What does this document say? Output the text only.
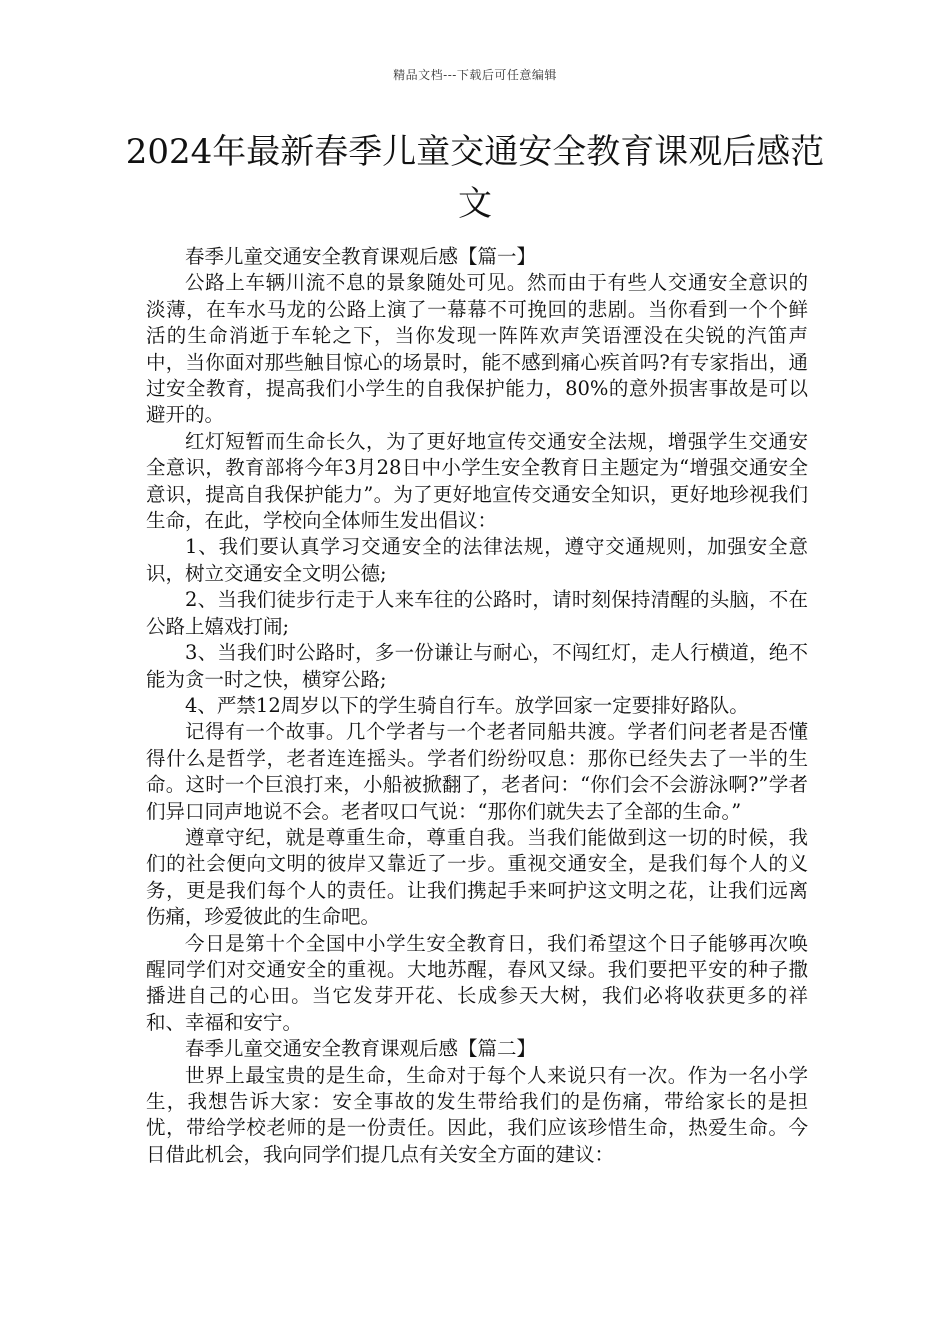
精品文档---下载后可任意编辑
2024年最新春季儿童交通安全教育课观后感范文

春季儿童交通安全教育课观后感【篇一】

公路上车辆川流不息的景象随处可见。然而由于有些人交通安全意识的淡薄，在车水马龙的公路上演了一幕幕不可挽回的悲剧。当你看到一个个鲜活的生命消逝于车轮之下，当你发现一阵阵欢声笑语湮没在尖锐的汽笛声中，当你面对那些触目惊心的场景时，能不感到痛心疾首吗?有专家指出，通过安全教育，提高我们小学生的自我保护能力，80%的意外损害事故是可以避开的。

红灯短暂而生命长久，为了更好地宣传交通安全法规，增强学生交通安全意识，教育部将今年3月28日中小学生安全教育日主题定为“增强交通安全意识，提高自我保护能力”。为了更好地宣传交通安全知识，更好地珍视我们生命，在此，学校向全体师生发出倡议：

1、我们要认真学习交通安全的法律法规，遵守交通规则，加强安全意识，树立交通安全文明公德;

2、当我们徒步行走于人来车往的公路时，请时刻保持清醒的头脑，不在公路上嬉戏打闹;

3、当我们时公路时，多一份谦让与耐心，不闯红灯，走人行横道，绝不能为贪一时之快，横穿公路;

4、严禁12周岁以下的学生骑自行车。放学回家一定要排好路队。

记得有一个故事。几个学者与一个老者同船共渡。学者们问老者是否懂得什么是哲学，老者连连摇头。学者们纷纷叹息：那你已经失去了一半的生命。这时一个巨浪打来，小船被掀翻了，老者问：“你们会不会游泳啊?”学者们异口同声地说不会。老者叹口气说：“那你们就失去了全部的生命。”

遵章守纪，就是尊重生命，尊重自我。当我们能做到这一切的时候，我们的社会便向文明的彼岸又靠近了一步。重视交通安全，是我们每个人的义务，更是我们每个人的责任。让我们携起手来呵护这文明之花，让我们远离伤痛，珍爱彼此的生命吧。

今日是第十个全国中小学生安全教育日，我们希望这个日子能够再次唤醒同学们对交通安全的重视。大地苏醒，春风又绿。我们要把平安的种子撒播进自己的心田。当它发芽开花、长成参天大树，我们必将收获更多的祥和、幸福和安宁。

春季儿童交通安全教育课观后感【篇二】

世界上最宝贵的是生命，生命对于每个人来说只有一次。作为一名小学生，我想告诉大家：安全事故的发生带给我们的是伤痛，带给家长的是担忧，带给学校老师的是一份责任。因此，我们应该珍惜生命，热爱生命。今日借此机会，我向同学们提几点有关安全方面的建议：
